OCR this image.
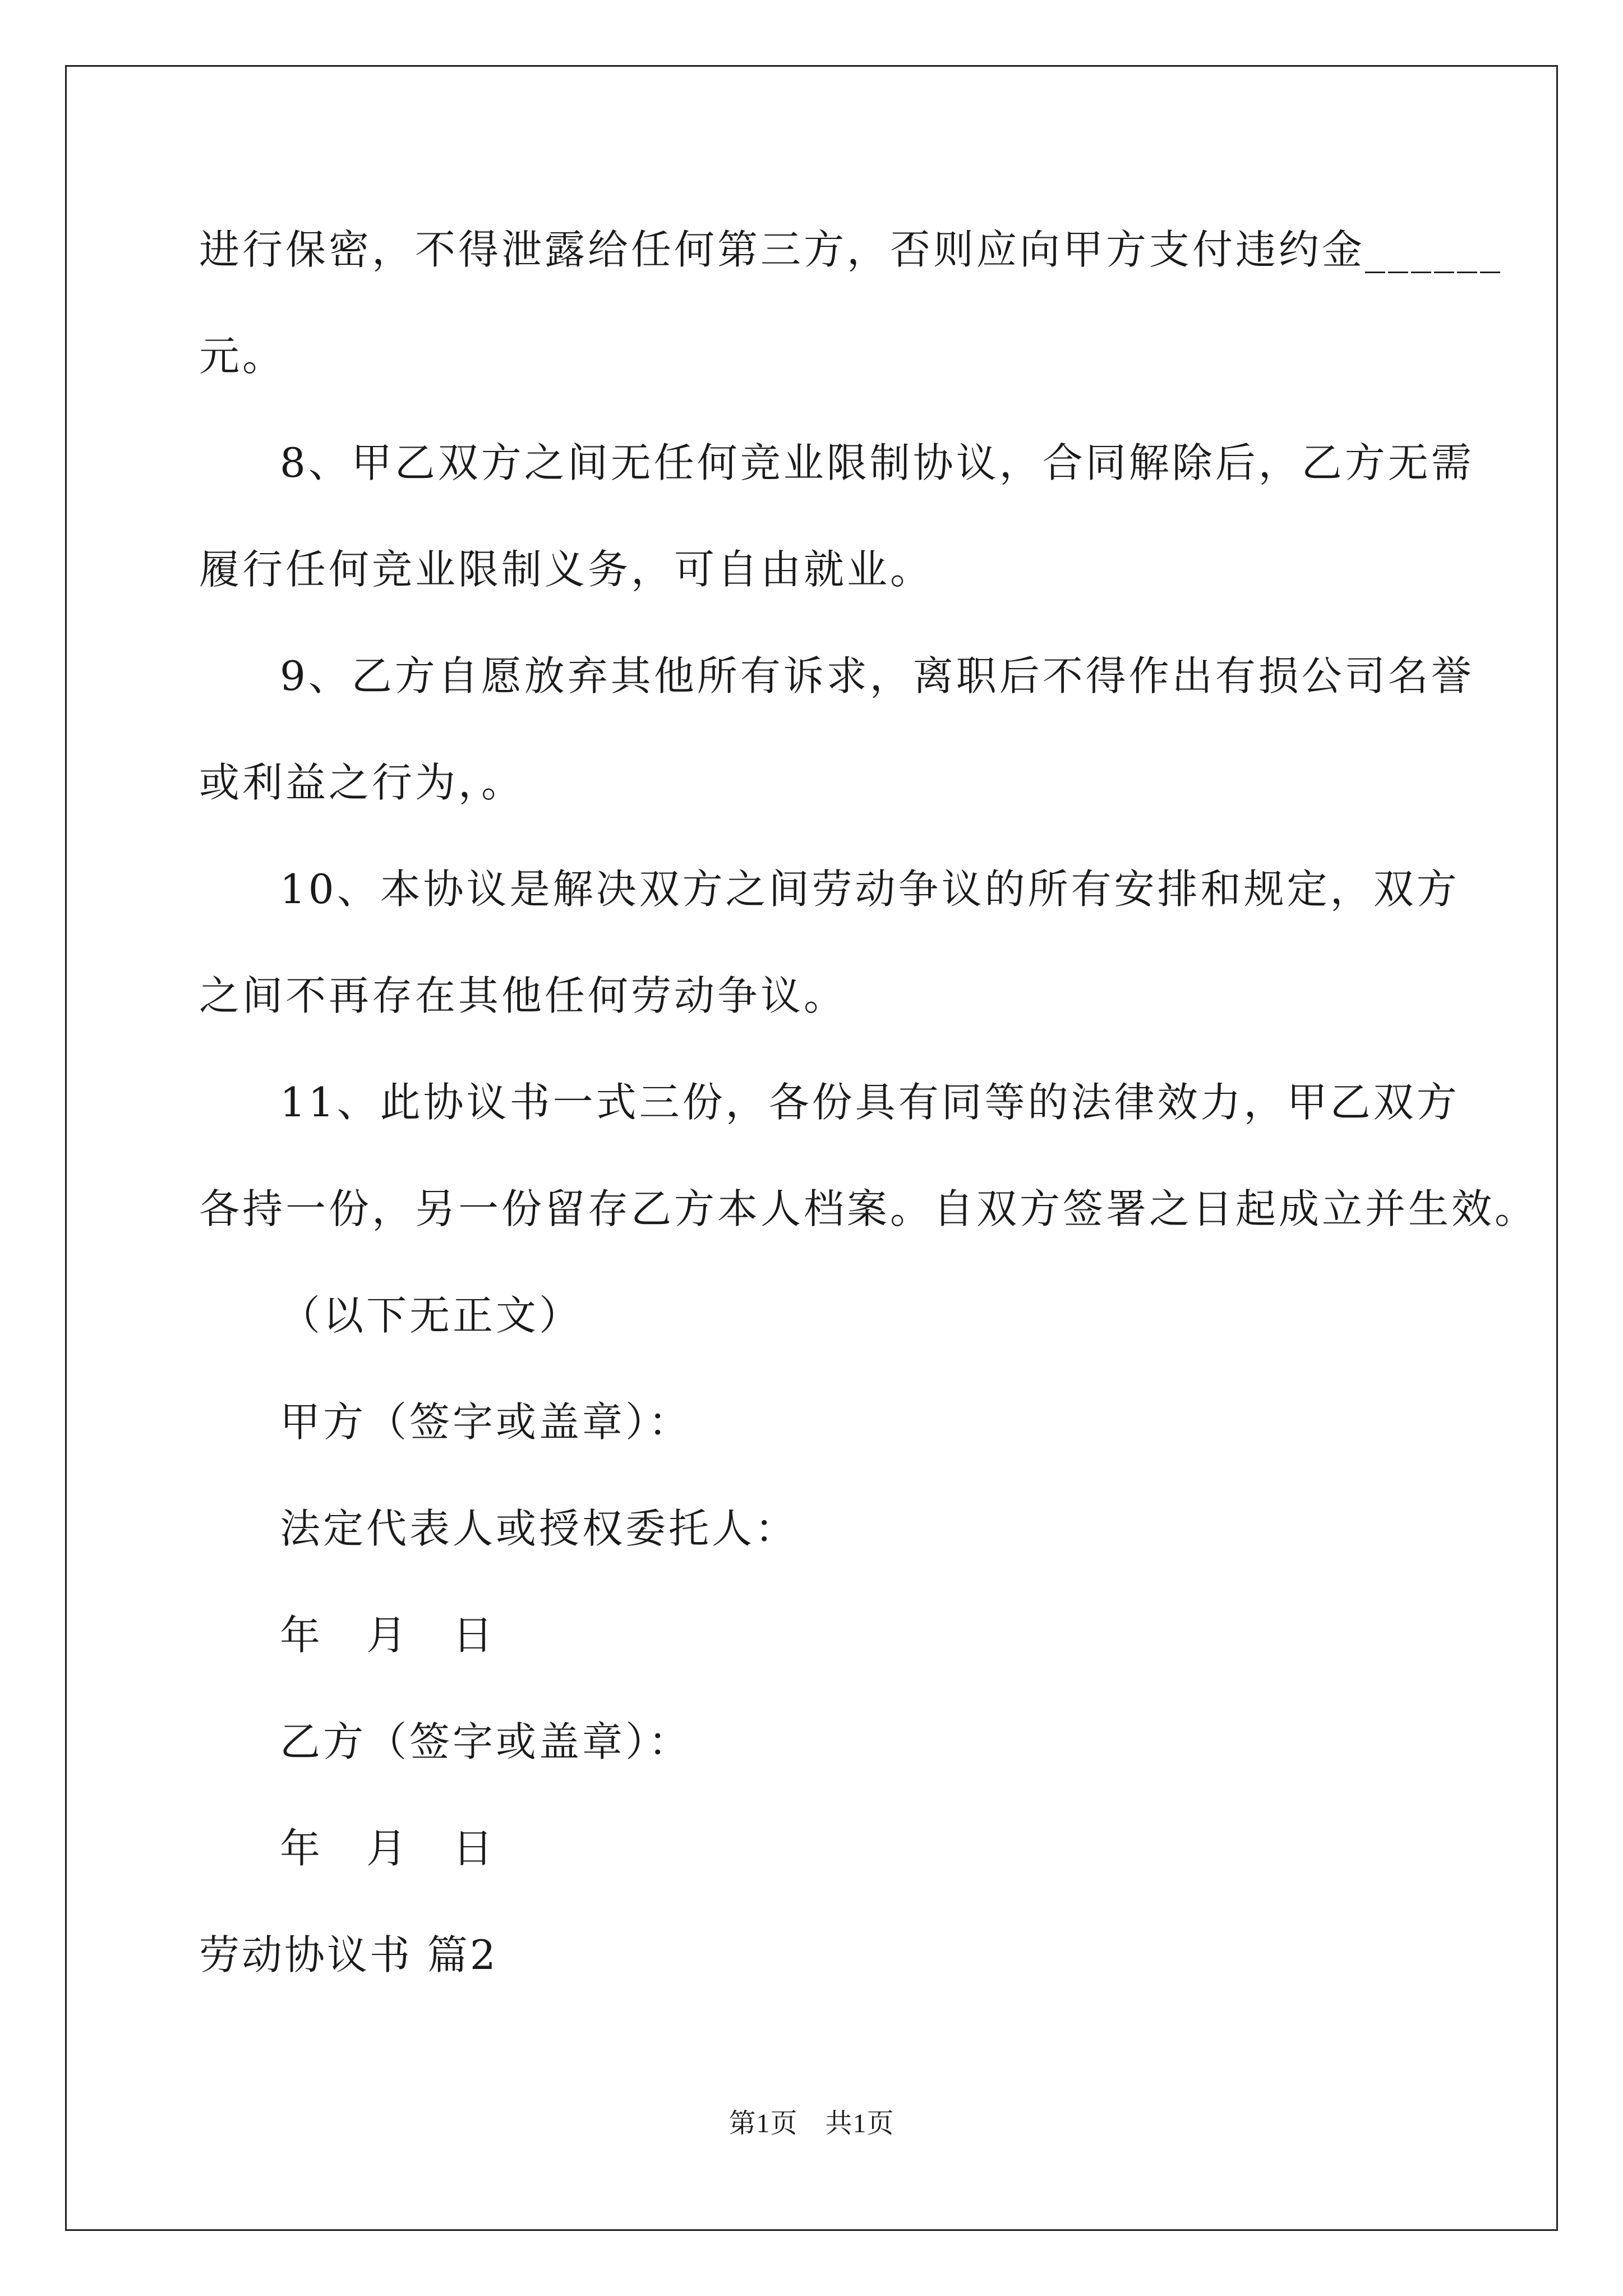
进行保密，不得泄露给任何第三方，否则应向甲方支付违约金______
元。
8、甲乙双方之间无任何竞业限制协议，合同解除后，乙方无需
履行任何竞业限制义务，可自由就业。
9、乙方自愿放弃其他所有诉求，离职后不得作出有损公司名誉
或利益之行为，。
10、本协议是解决双方之间劳动争议的所有安排和规定，双方
之间不再存在其他任何劳动争议。
11、此协议书一式三份，各份具有同等的法律效力，甲乙双方
各持一份，另一份留存乙方本人档案。自双方签署之日起成立并生效。
（以下无正文）
甲方（签字或盖章）：
法定代表人或授权委托人：
年　月　日
乙方（签字或盖章）：
年　月　日
劳动协议书 篇2
第1页　共1页
